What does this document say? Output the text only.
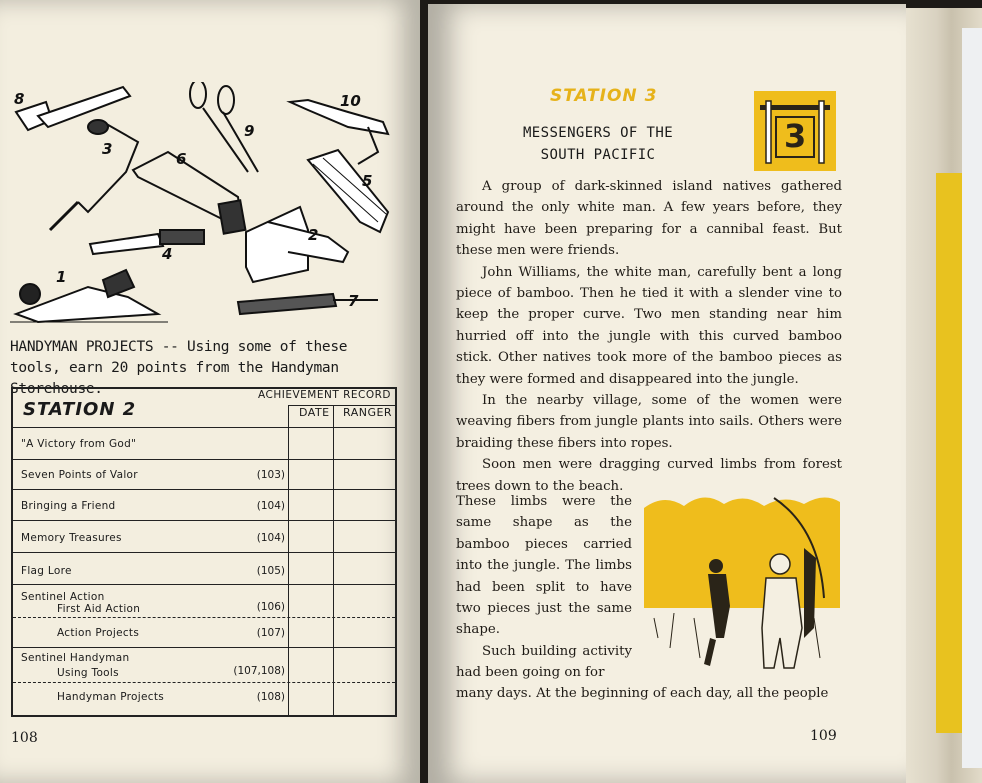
8
3
9
10
6
5
4
2
1
7
HANDYMAN PROJECTS -- Using some of these tools, earn 20 points from the Handyman Storehouse.
STATION 2
ACHIEVEMENT RECORD
DATE RANGER
"A Victory from God"
Seven Points of Valor	(103)
Bringing a Friend	(104)
Memory Treasures	(104)
Flag Lore	(105)
Sentinel Action
First Aid Action	(106)
Action Projects	(107)
Sentinel Handyman
Using Tools	(107,108)
Handyman Projects	(108)
108
STATION 3
3
MESSENGERS OF THE
SOUTH PACIFIC

A group of dark-skinned island natives gathered around the only white man. A few years before, they might have been preparing for a cannibal feast. But these men were friends.

John Williams, the white man, carefully bent a long piece of bamboo. Then he tied it with a slender vine to keep the proper curve. Two men standing near him hurried off into the jungle with this curved bamboo stick. Other natives took more of the bamboo pieces as they were formed and disappeared into the jungle.

In the nearby village, some of the women were weaving fibers from jungle plants into sails. Others were braiding these fibers into ropes.

Soon men were dragging curved limbs from forest trees down to the beach.

These limbs were the same shape as the bamboo pieces carried into the jungle. The limbs had been split to have two pieces just the same shape.

Such building activity had been going on for

many days. At the beginning of each day, all the people

109
